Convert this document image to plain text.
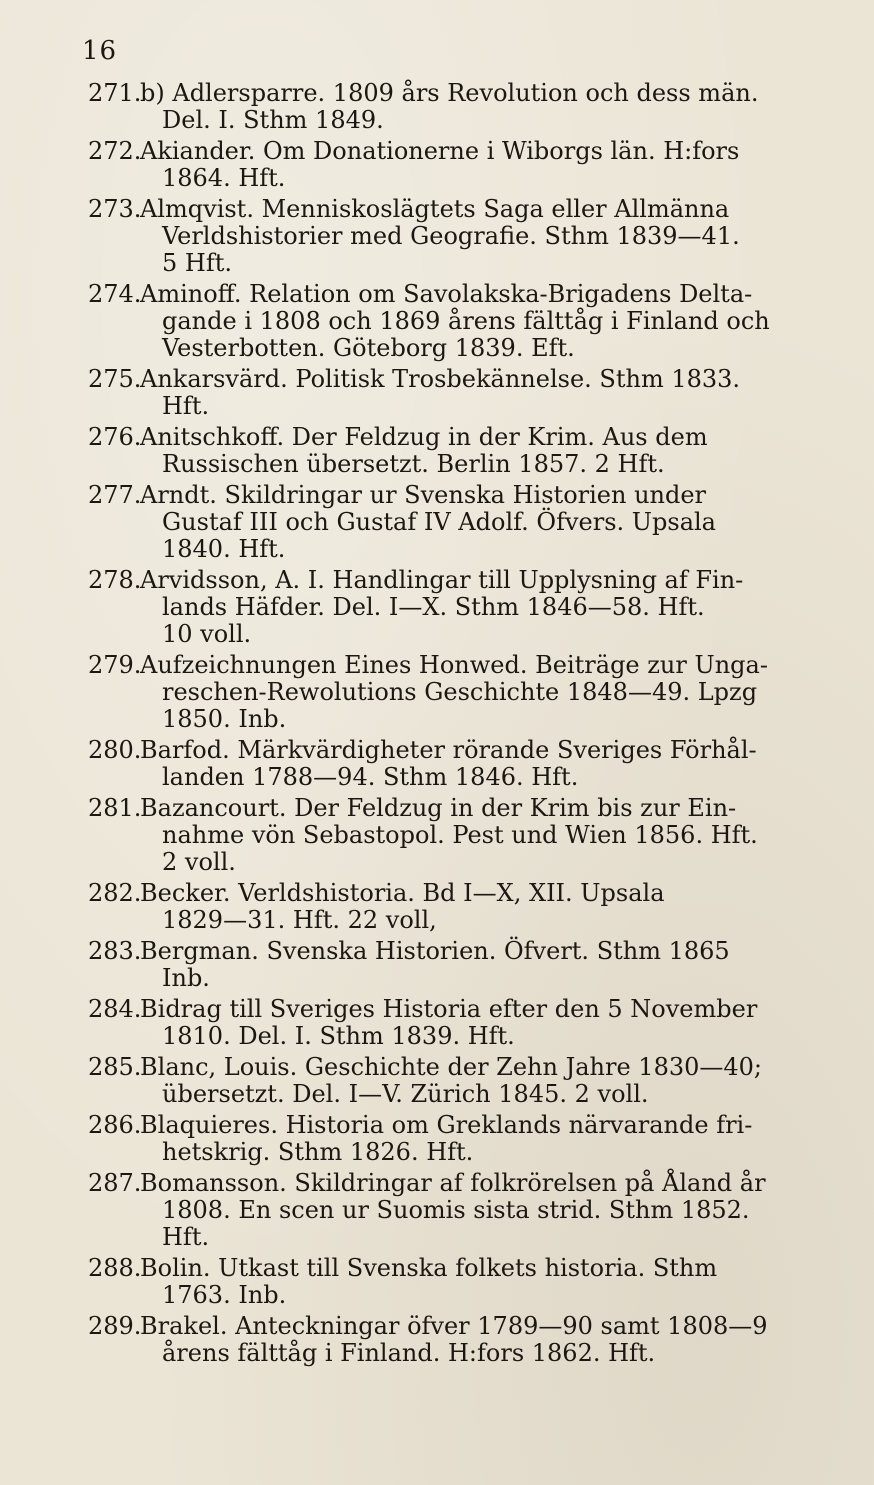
16
271.
b) Adlersparre. 1809 års Revolution och dess män.
Del. I. Sthm 1849.
272.
Akiander. Om Donationerne i Wiborgs län. H:fors
1864. Hft.
273.
Almqvist. Menniskoslägtets Saga eller Allmänna
Verldshistorier med Geografie. Sthm 1839—41.
5 Hft.
274.
Aminoff. Relation om Savolakska-Brigadens Delta-
gande i 1808 och 1869 årens fälttåg i Finland och
Vesterbotten. Göteborg 1839. Eft.
275.
Ankarsvärd. Politisk Trosbekännelse. Sthm 1833.
Hft.
276.
Anitschkoff. Der Feldzug in der Krim. Aus dem
Russischen übersetzt. Berlin 1857. 2 Hft.
277.
Arndt. Skildringar ur Svenska Historien under
Gustaf III och Gustaf IV Adolf. Öfvers. Upsala
1840. Hft.
278.
Arvidsson, A. I. Handlingar till Upplysning af Fin-
lands Häfder. Del. I—X. Sthm 1846—58. Hft.
10 voll.
279.
Aufzeichnungen Eines Honwed. Beiträge zur Unga-
reschen-Rewolutions Geschichte 1848—49. Lpzg
1850. Inb.
280.
Barfod. Märkvärdigheter rörande Sveriges Förhål-
landen 1788—94. Sthm 1846. Hft.
281.
Bazancourt. Der Feldzug in der Krim bis zur Ein-
nahme vön Sebastopol. Pest und Wien 1856. Hft.
2 voll.
282.
Becker. Verldshistoria. Bd I—X, XII. Upsala
1829—31. Hft. 22 voll,
283.
Bergman. Svenska Historien. Öfvert. Sthm 1865
Inb.
284.
Bidrag till Sveriges Historia efter den 5 November
1810. Del. I. Sthm 1839. Hft.
285.
Blanc, Louis. Geschichte der Zehn Jahre 1830—40;
übersetzt. Del. I—V. Zürich 1845. 2 voll.
286.
Blaquieres. Historia om Greklands närvarande fri-
hetskrig. Sthm 1826. Hft.
287.
Bomansson. Skildringar af folkrörelsen på Åland år
1808. En scen ur Suomis sista strid. Sthm 1852.
Hft.
288.
Bolin. Utkast till Svenska folkets historia. Sthm
1763. Inb.
289.
Brakel. Anteckningar öfver 1789—90 samt 1808—9
årens fälttåg i Finland. H:fors 1862. Hft.
